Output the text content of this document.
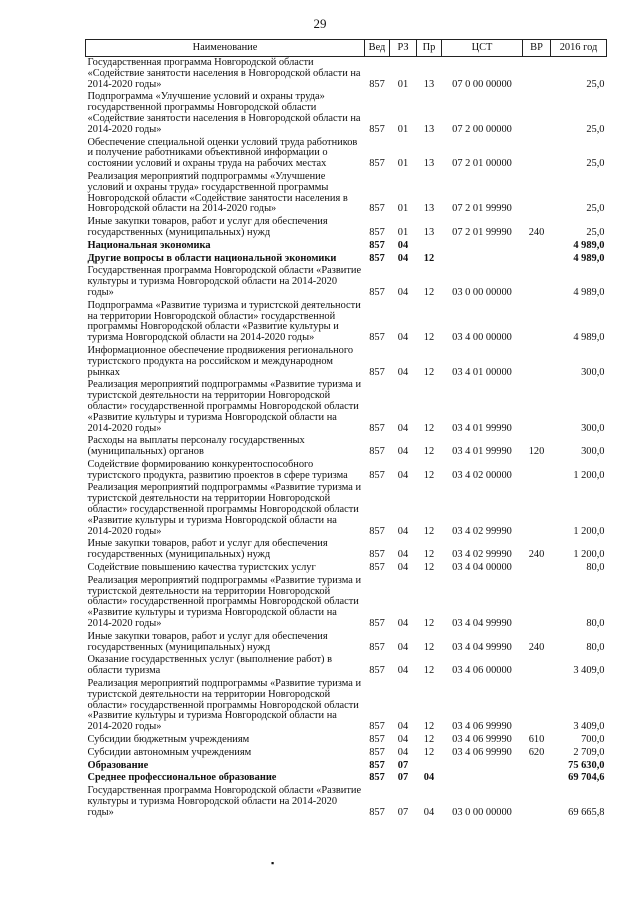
29
Наименование	Вед	РЗ	Пр	ЦСТ	ВР	2016 год
Государственная программа Новгородской области «Содействие занятости населения в Новгородской области на 2014-2020 годы»	857	01	13	07 0 00 00000		25,0
Подпрограмма «Улучшение условий и охраны труда» государственной программы Новгородской области «Содействие занятости населения в Новгородской области на 2014-2020 годы»	857	01	13	07 2 00 00000		25,0
Обеспечение специальной оценки условий труда работников и получение работниками объективной информации о состоянии условий и охраны труда на рабочих местах	857	01	13	07 2 01 00000		25,0
Реализация мероприятий подпрограммы «Улучшение условий и охраны труда» государственной программы Новгородской области «Содействие занятости населения в Новгородской области на 2014-2020 годы»	857	01	13	07 2 01 99990		25,0
Иные закупки товаров, работ и услуг для обеспечения государственных (муниципальных) нужд	857	01	13	07 2 01 99990	240	25,0
Национальная экономика	857	04				4 989,0
Другие вопросы в области национальной экономики	857	04	12			4 989,0
Государственная программа Новгородской области «Развитие культуры и туризма Новгородской области на 2014-2020 годы»	857	04	12	03 0 00 00000		4 989,0
Подпрограмма «Развитие туризма и туристской деятельности на территории Новгородской области» государственной программы Новгородской области «Развитие культуры и туризма Новгородской области на 2014-2020 годы»	857	04	12	03 4 00 00000		4 989,0
Информационное обеспечение продвижения регионального туристского продукта на российском и международном рынках	857	04	12	03 4 01 00000		300,0
Реализация мероприятий подпрограммы «Развитие туризма и туристской деятельности на территории Новгородской области» государственной программы Новгородской области «Развитие культуры и туризма Новгородской области на 2014-2020 годы»	857	04	12	03 4 01 99990		300,0
Расходы на выплаты персоналу государственных (муниципальных) органов	857	04	12	03 4 01 99990	120	300,0
Содействие формированию конкурентоспособного туристского продукта, развитию проектов в сфере туризма	857	04	12	03 4 02 00000		1 200,0
Реализация мероприятий подпрограммы «Развитие туризма и туристской деятельности на территории Новгородской области» государственной программы Новгородской области «Развитие культуры и туризма Новгородской области на 2014-2020 годы»	857	04	12	03 4 02 99990		1 200,0
Иные закупки товаров, работ и услуг для обеспечения государственных (муниципальных) нужд	857	04	12	03 4 02 99990	240	1 200,0
Содействие повышению качества туристских услуг	857	04	12	03 4 04 00000		80,0
Реализация мероприятий подпрограммы «Развитие туризма и туристской деятельности на территории Новгородской области» государственной программы Новгородской области «Развитие культуры и туризма Новгородской области на 2014-2020 годы»	857	04	12	03 4 04 99990		80,0
Иные закупки товаров, работ и услуг для обеспечения государственных (муниципальных) нужд	857	04	12	03 4 04 99990	240	80,0
Оказание государственных услуг (выполнение работ) в области туризма	857	04	12	03 4 06 00000		3 409,0
Реализация мероприятий подпрограммы «Развитие туризма и туристской деятельности на территории Новгородской области» государственной программы Новгородской области «Развитие культуры и туризма Новгородской области на 2014-2020 годы»	857	04	12	03 4 06 99990		3 409,0
Субсидии бюджетным учреждениям	857	04	12	03 4 06 99990	610	700,0
Субсидии автономным учреждениям	857	04	12	03 4 06 99990	620	2 709,0
Образование	857	07				75 630,0
Среднее профессиональное образование	857	07	04			69 704,6
Государственная программа Новгородской области «Развитие культуры и туризма Новгородской области на 2014-2020 годы»	857	07	04	03 0 00 00000		69 665,8
▪
